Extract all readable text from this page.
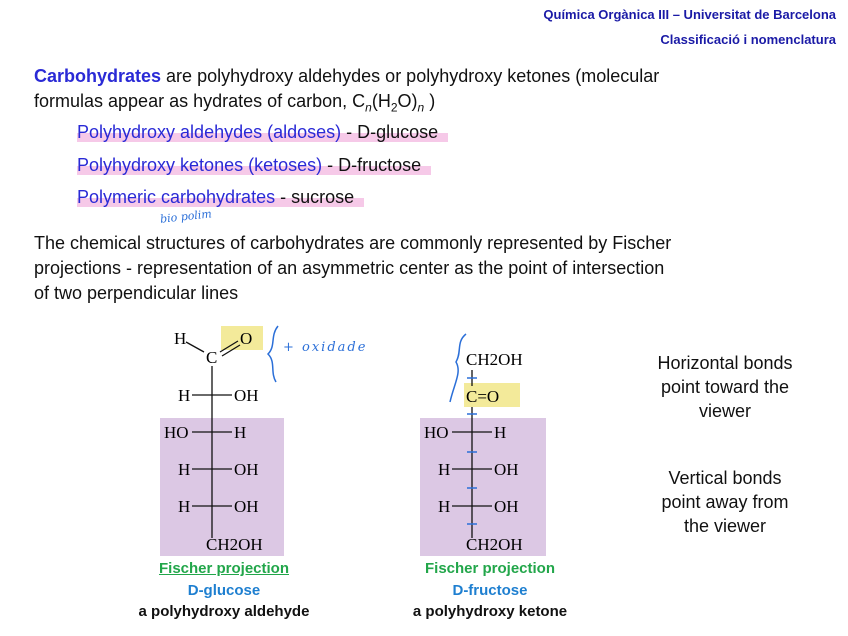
Química Orgànica III – Universitat de Barcelona
Classificació i nomenclatura
Carbohydrates are polyhydroxy aldehydes or polyhydroxy ketones (molecular
formulas appear as hydrates of carbon, $C_n(H_2O)_n$ )
Polyhydroxy aldehydes (aldoses) - D-glucose
Polyhydroxy ketones (ketoses) - D-fructose
Polymeric carbohydrates - sucrose
bio polim
The chemical structures of carbohydrates are commonly represented by Fischer
projections - representation of an asymmetric center as the point of intersection
of two perpendicular lines
H
C
O
H	OH
HO	H
H	OH
H	OH
CH2OH
+ oxidade
CH2OH
C=O
HO	H
H	OH
H	OH
CH2OH
Fischer projection
D-glucose
a polyhydroxy aldehyde
Fischer projection
D-fructose
a polyhydroxy ketone
Horizontal bonds point toward the viewer
Vertical bonds point away from the viewer
